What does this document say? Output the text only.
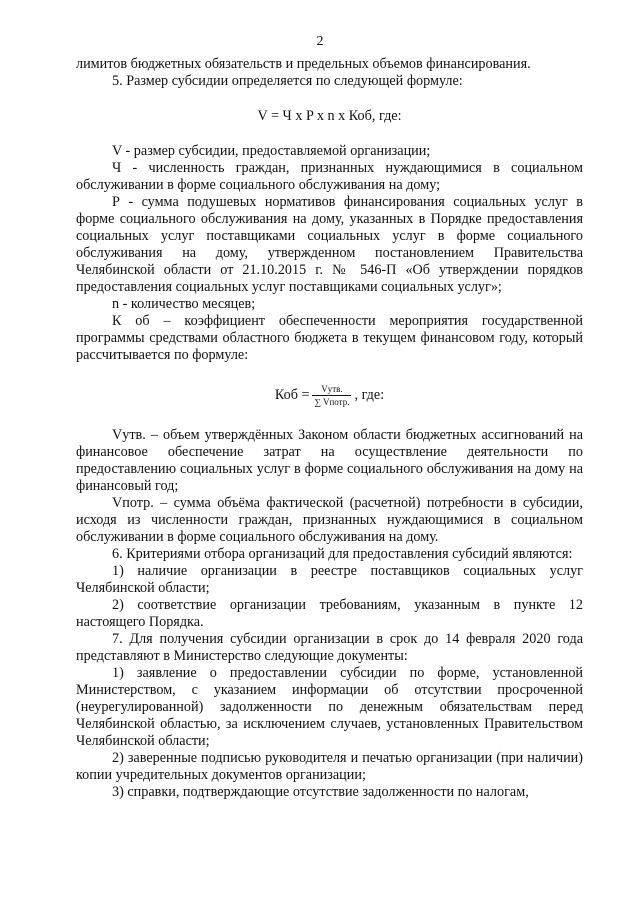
2

лимитов бюджетных обязательств и предельных объемов финансирования.

5. Размер субсидии определяется по следующей формуле:

V = Ч x P x n x Коб, где:

V - размер субсидии, предоставляемой организации;

Ч - численность граждан, признанных нуждающимися в социальном обслуживании в форме социального обслуживания на дому;

Р - сумма подушевых нормативов финансирования социальных услуг в форме социального обслуживания на дому, указанных в Порядке предоставления социальных услуг поставщиками социальных услуг в форме социального обслуживания на дому, утвержденном постановлением Правительства Челябинской области от 21.10.2015 г. № 546-П «Об утверждении порядков предоставления социальных услуг поставщиками социальных услуг»;

n - количество месяцев;

К об – коэффициент обеспеченности мероприятия государственной программы средствами областного бюджета в текущем финансовом году, который рассчитывается по формуле:

Коб = $\frac{\text{Vутв.}}{\text{∑ Vпотр.}}$ , где:

Vутв. – объем утверждённых Законом области бюджетных ассигнований на финансовое обеспечение затрат на осуществление деятельности по предоставлению социальных услуг в форме социального обслуживания на дому на финансовый год;

Vпотр. – сумма объёма фактической (расчетной) потребности в субсидии, исходя из численности граждан, признанных нуждающимися в социальном обслуживании в форме социального обслуживания на дому.

6. Критериями отбора организаций для предоставления субсидий являются:

1) наличие организации в реестре поставщиков социальных услуг Челябинской области;

2) соответствие организации требованиям, указанным в пункте 12 настоящего Порядка.

7. Для получения субсидии организации в срок до 14 февраля 2020 года представляют в Министерство следующие документы:

1) заявление о предоставлении субсидии по форме, установленной Министерством, с указанием информации об отсутствии просроченной (неурегулированной) задолженности по денежным обязательствам перед Челябинской областью, за исключением случаев, установленных Правительством Челябинской области;

2) заверенные подписью руководителя и печатью организации (при наличии) копии учредительных документов организации;

3) справки, подтверждающие отсутствие задолженности по налогам,
